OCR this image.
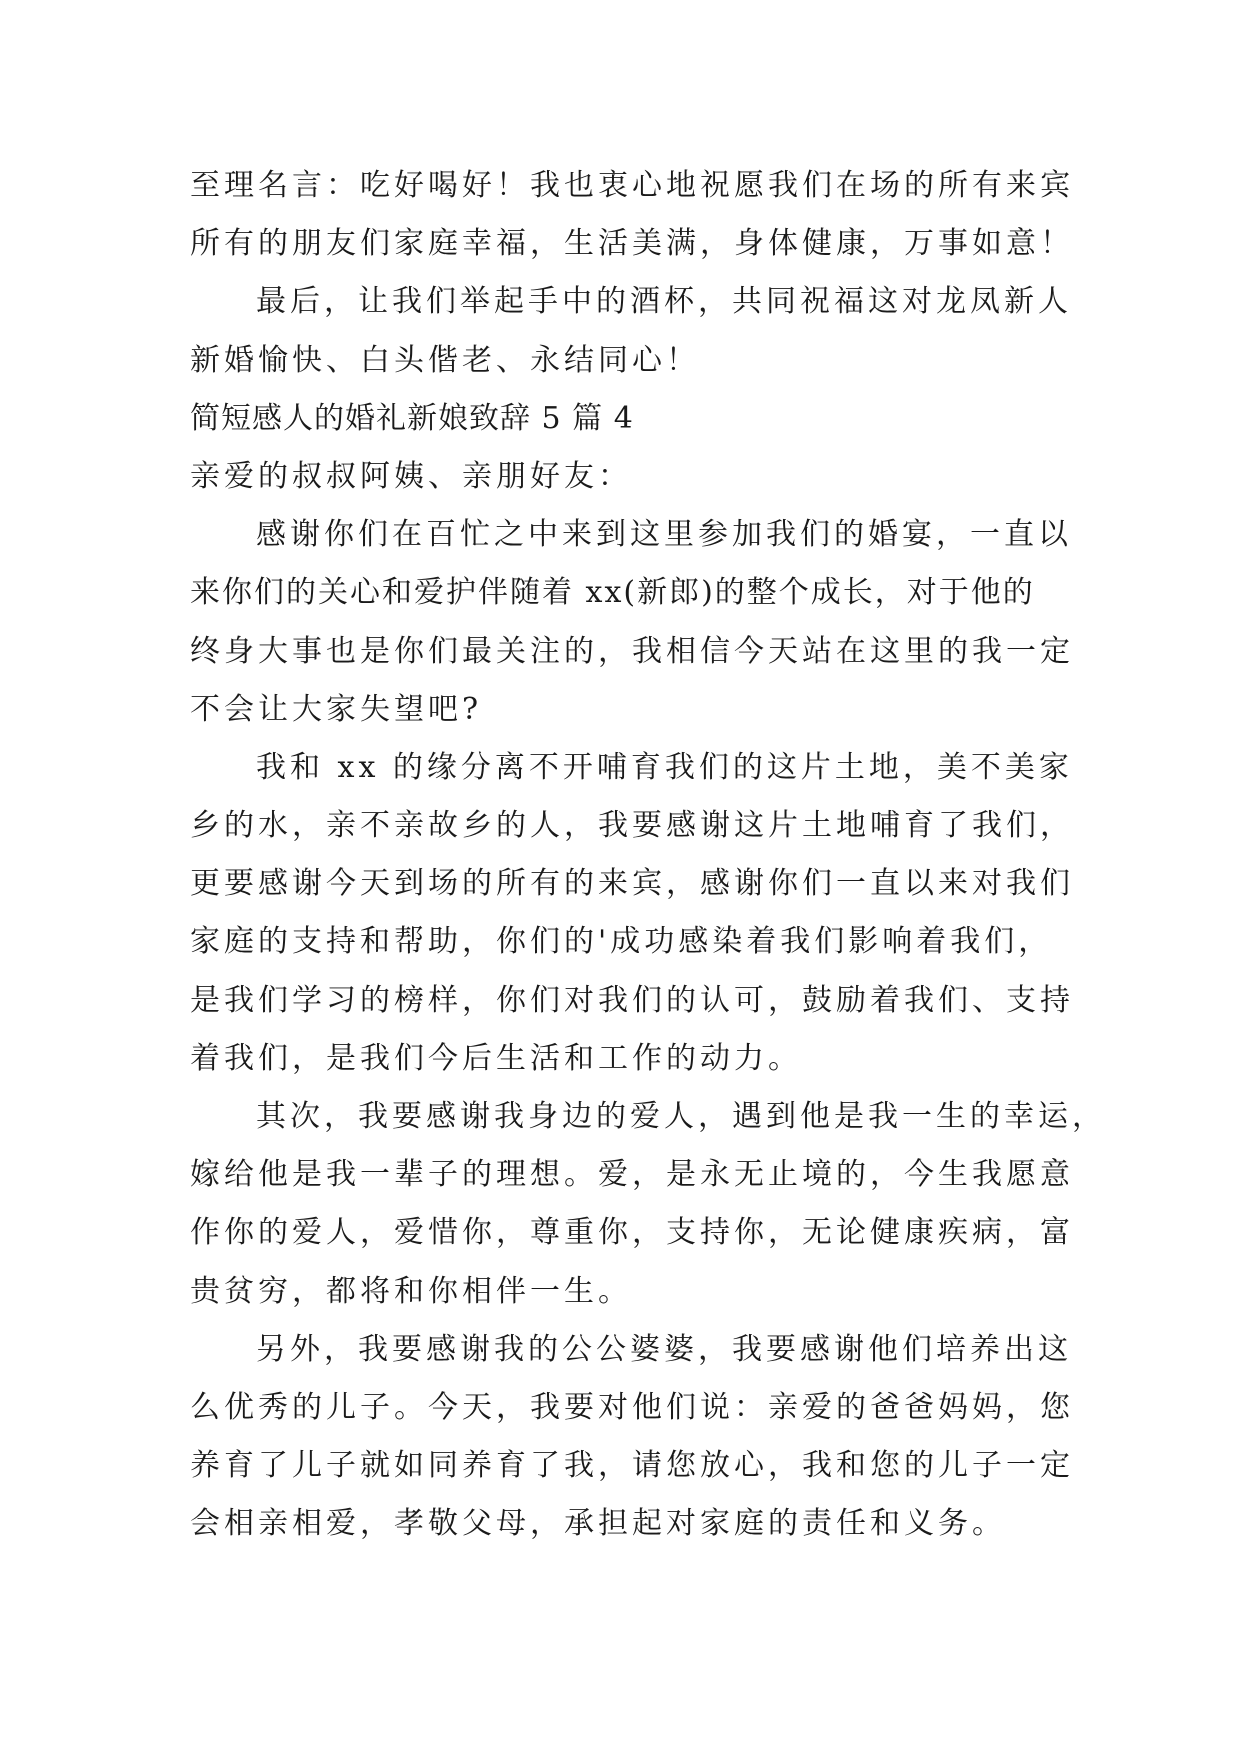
至理名言：吃好喝好！我也衷心地祝愿我们在场的所有来宾
所有的朋友们家庭幸福，生活美满，身体健康，万事如意！
最后，让我们举起手中的酒杯，共同祝福这对龙凤新人
新婚愉快、白头偕老、永结同心！
简短感人的婚礼新娘致辞 5 篇 4
亲爱的叔叔阿姨、亲朋好友：
感谢你们在百忙之中来到这里参加我们的婚宴，一直以
来你们的关心和爱护伴随着 xx(新郎)的整个成长，对于他的
终身大事也是你们最关注的，我相信今天站在这里的我一定
不会让大家失望吧?
我和 xx 的缘分离不开哺育我们的这片土地，美不美家
乡的水，亲不亲故乡的人，我要感谢这片土地哺育了我们，
更要感谢今天到场的所有的来宾，感谢你们一直以来对我们
家庭的支持和帮助，你们的'成功感染着我们影响着我们，
是我们学习的榜样，你们对我们的认可，鼓励着我们、支持
着我们，是我们今后生活和工作的动力。
其次，我要感谢我身边的爱人，遇到他是我一生的幸运，
嫁给他是我一辈子的理想。爱，是永无止境的，今生我愿意
作你的爱人，爱惜你，尊重你，支持你，无论健康疾病，富
贵贫穷，都将和你相伴一生。
另外，我要感谢我的公公婆婆，我要感谢他们培养出这
么优秀的儿子。今天，我要对他们说：亲爱的爸爸妈妈，您
养育了儿子就如同养育了我，请您放心，我和您的儿子一定
会相亲相爱，孝敬父母，承担起对家庭的责任和义务。
